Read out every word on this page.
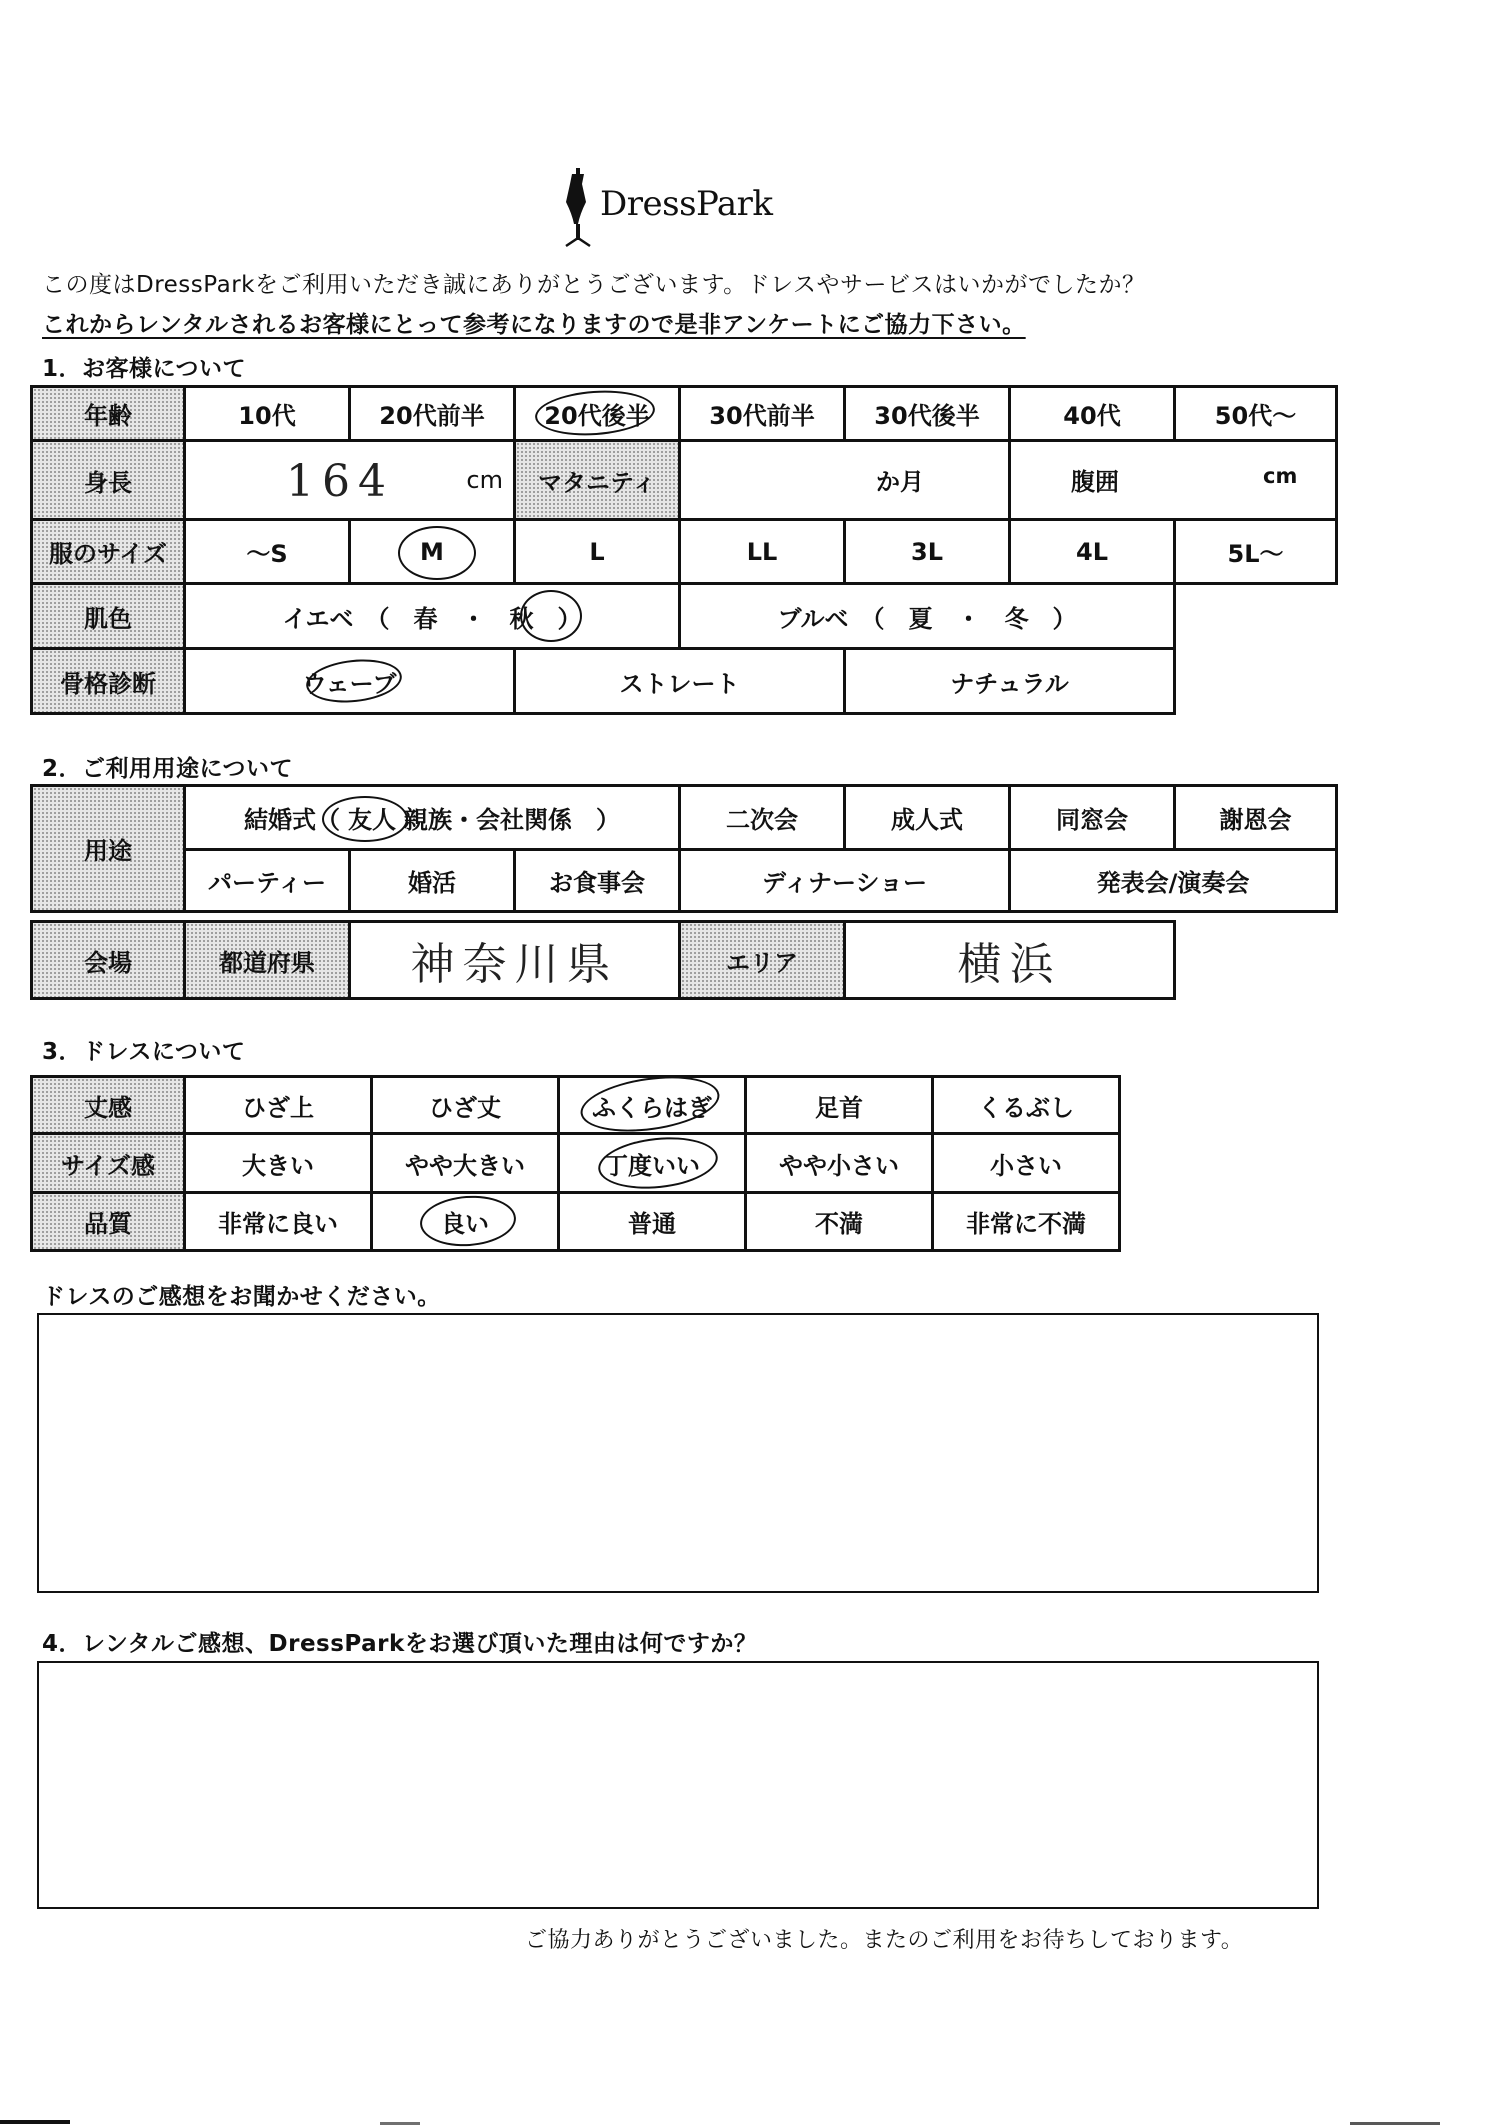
DressPark
この度はDressParkをご利用いただき誠にありがとうございます。ドレスやサービスはいかがでしたか？
これからレンタルされるお客様にとって参考になりますので是非アンケートにご協力下さい。
1．お客様について
年齢	10代	20代前半	20代後半	30代前半	30代後半	40代	50代～
身長	164	cm	マタニティ	か月	腹囲	cm
服のサイズ	～S	M	L	LL	3L	4L	5L～
肌色	イエベ　（　春　・　秋　）	ブルベ　（　夏　・　冬　）
骨格診断	ウェーブ	ストレート	ナチュラル
2．ご利用用途について
用途
結婚式（ 友人 親族・会社関係　）	二次会	成人式	同窓会	謝恩会
パーティー	婚活	お食事会	ディナーショー	発表会/演奏会
会場	都道府県	神奈川県	エリア	横浜
3．ドレスについて
丈感	ひざ上	ひざ丈	ふくらはぎ	足首	くるぶし
サイズ感	大きい	やや大きい	丁度いい	やや小さい	小さい
品質	非常に良い	良い	普通	不満	非常に不満
ドレスのご感想をお聞かせください。
4．レンタルご感想、DressParkをお選び頂いた理由は何ですか？
ご協力ありがとうございました。またのご利用をお待ちしております。
